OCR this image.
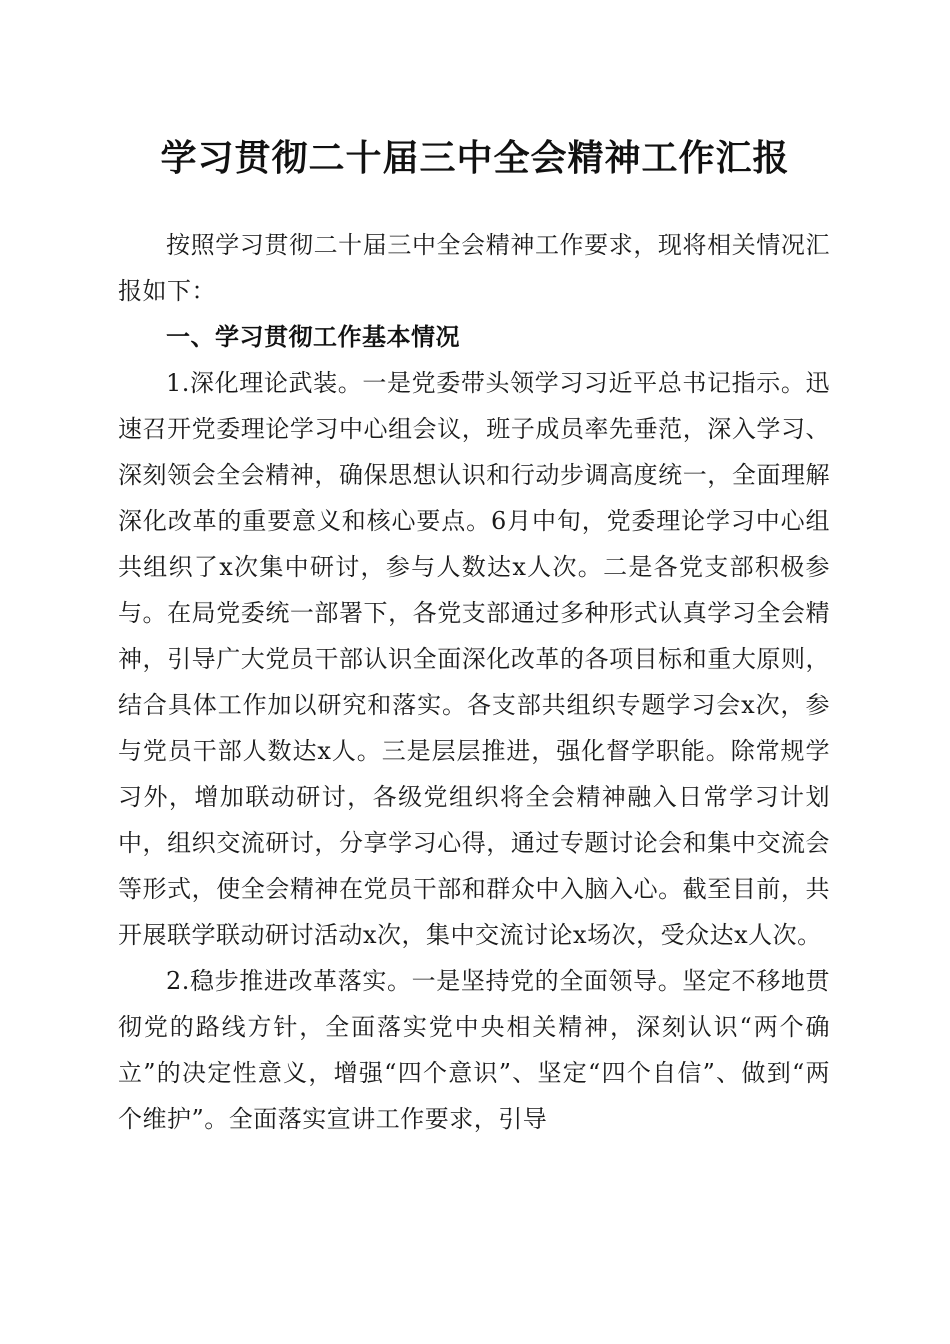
学习贯彻二十届三中全会精神工作汇报

按照学习贯彻二十届三中全会精神工作要求，现将相关情况汇报如下：

一、学习贯彻工作基本情况

1.深化理论武装。一是党委带头领学习习近平总书记指示。迅速召开党委理论学习中心组会议，班子成员率先垂范，深入学习、深刻领会全会精神，确保思想认识和行动步调高度统一，全面理解深化改革的重要意义和核心要点。6月中旬，党委理论学习中心组共组织了x次集中研讨，参与人数达x人次。二是各党支部积极参与。在局党委统一部署下，各党支部通过多种形式认真学习全会精神，引导广大党员干部认识全面深化改革的各项目标和重大原则，结合具体工作加以研究和落实。各支部共组织专题学习会x次，参与党员干部人数达x人。三是层层推进，强化督学职能。除常规学习外，增加联动研讨，各级党组织将全会精神融入日常学习计划中，组织交流研讨，分享学习心得，通过专题讨论会和集中交流会等形式，使全会精神在党员干部和群众中入脑入心。截至目前，共开展联学联动研讨活动x次，集中交流讨论x场次，受众达x人次。

2.稳步推进改革落实。一是坚持党的全面领导。坚定不移地贯彻党的路线方针，全面落实党中央相关精神，深刻认识“两个确立”的决定性意义，增强“四个意识”、坚定“四个自信”、做到“两个维护”。全面落实宣讲工作要求，引导
